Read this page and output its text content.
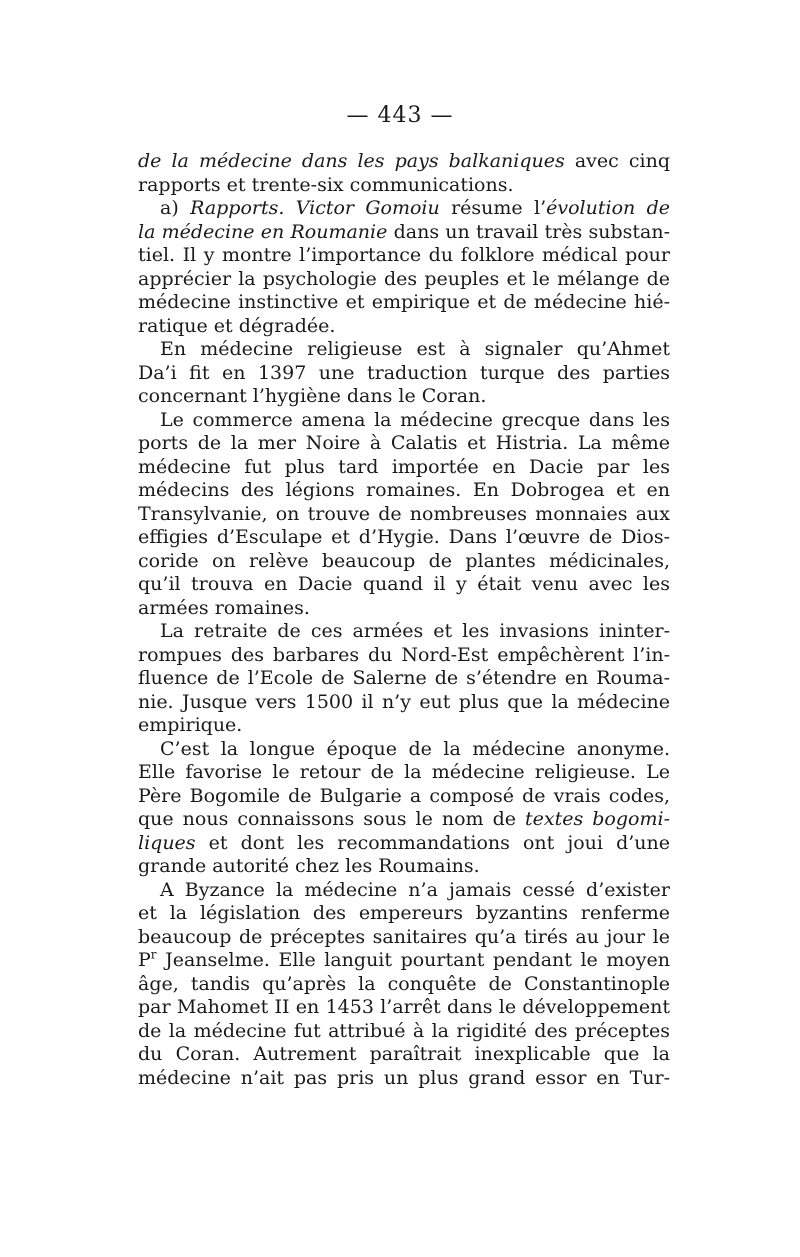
— 443 —
de la médecine dans les pays balkaniques avec cinq
rapports et trente-six communications.
a) Rapports. Victor Gomoiu résume l’évolution de
la médecine en Roumanie dans un travail très substan-
tiel. Il y montre l’importance du folklore médical pour
apprécier la psychologie des peuples et le mélange de
médecine instinctive et empirique et de médecine hié-
ratique et dégradée.
En médecine religieuse est à signaler qu’Ahmet
Da’i fit en 1397 une traduction turque des parties
concernant l’hygiène dans le Coran.
Le commerce amena la médecine grecque dans les
ports de la mer Noire à Calatis et Histria. La même
médecine fut plus tard importée en Dacie par les
médecins des légions romaines. En Dobrogea et en
Transylvanie, on trouve de nombreuses monnaies aux
effigies d’Esculape et d’Hygie. Dans l’œuvre de Dios-
coride on relève beaucoup de plantes médicinales,
qu’il trouva en Dacie quand il y était venu avec les
armées romaines.
La retraite de ces armées et les invasions ininter-
rompues des barbares du Nord-Est empêchèrent l’in-
fluence de l’Ecole de Salerne de s’étendre en Rouma-
nie. Jusque vers 1500 il n’y eut plus que la médecine
empirique.
C’est la longue époque de la médecine anonyme.
Elle favorise le retour de la médecine religieuse. Le
Père Bogomile de Bulgarie a composé de vrais codes,
que nous connaissons sous le nom de textes bogomi-
liques et dont les recommandations ont joui d’une
grande autorité chez les Roumains.
A Byzance la médecine n’a jamais cessé d’exister
et la législation des empereurs byzantins renferme
beaucoup de préceptes sanitaires qu’a tirés au jour le
$P^r$ Jeanselme. Elle languit pourtant pendant le moyen
âge, tandis qu’après la conquête de Constantinople
par Mahomet II en 1453 l’arrêt dans le développement
de la médecine fut attribué à la rigidité des préceptes
du Coran. Autrement paraîtrait inexplicable que la
médecine n’ait pas pris un plus grand essor en Tur-
